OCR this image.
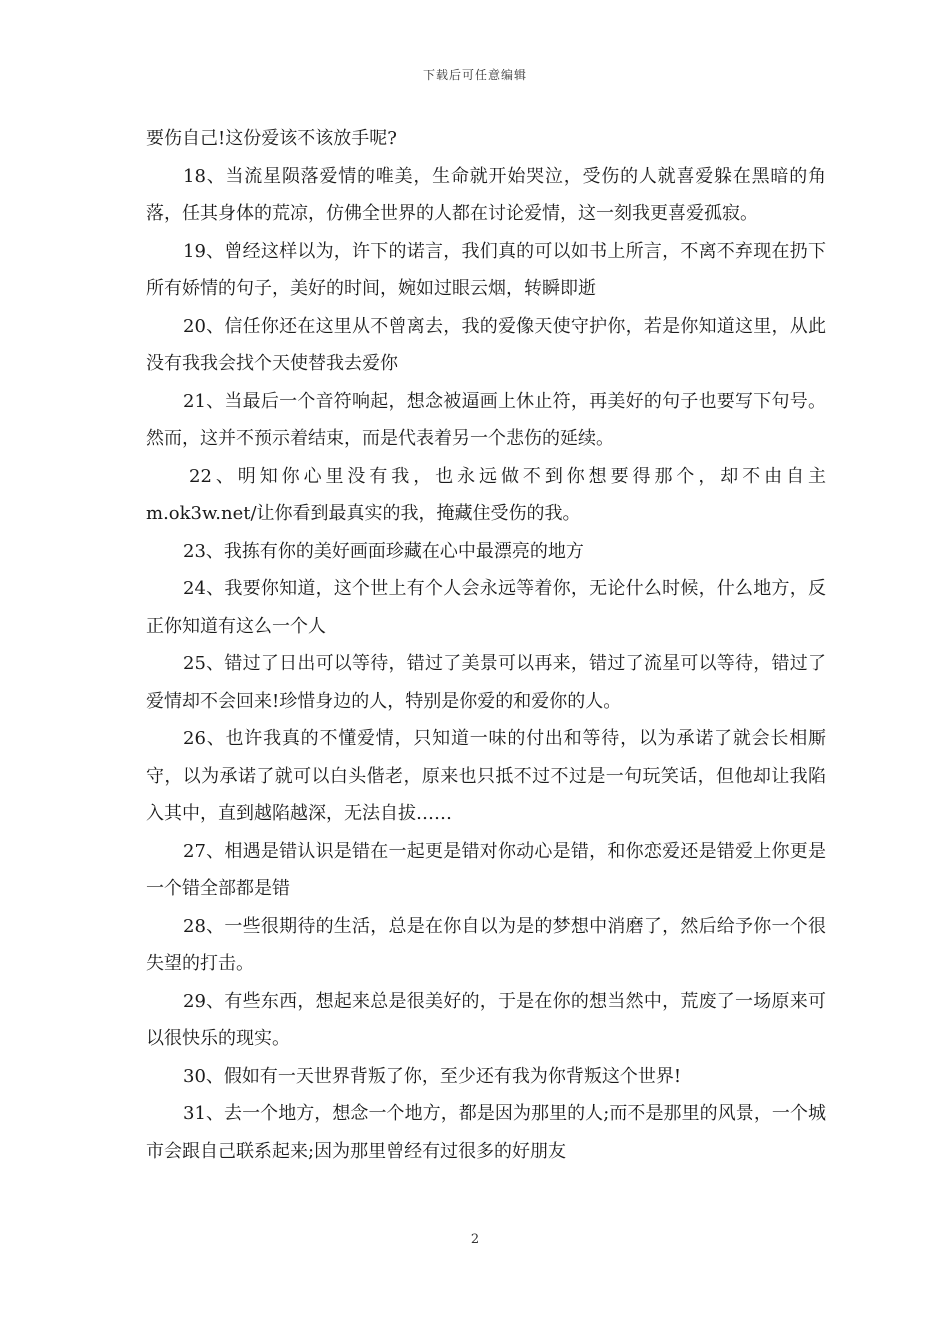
下载后可任意编辑

要伤自己!这份爱该不该放手呢?

18、当流星陨落爱情的唯美，生命就开始哭泣，受伤的人就喜爱躲在黑暗的角落，任其身体的荒凉，仿佛全世界的人都在讨论爱情，这一刻我更喜爱孤寂。

19、曾经这样以为，许下的诺言，我们真的可以如书上所言，不离不弃现在扔下所有娇情的句子，美好的时间，婉如过眼云烟，转瞬即逝

20、信任你还在这里从不曾离去，我的爱像天使守护你，若是你知道这里，从此没有我我会找个天使替我去爱你

21、当最后一个音符响起，想念被逼画上休止符，再美好的句子也要写下句号。然而，这并不预示着结束，而是代表着另一个悲伤的延续。

22、明知你心里没有我，也永远做不到你想要得那个，却不由自主m.ok3w.net/让你看到最真实的我，掩藏住受伤的我。

23、我拣有你的美好画面珍藏在心中最漂亮的地方

24、我要你知道，这个世上有个人会永远等着你，无论什么时候，什么地方，反正你知道有这么一个人

25、错过了日出可以等待，错过了美景可以再来，错过了流星可以等待，错过了爱情却不会回来!珍惜身边的人，特别是你爱的和爱你的人。

26、也许我真的不懂爱情，只知道一味的付出和等待，以为承诺了就会长相厮守，以为承诺了就可以白头偕老，原来也只抵不过不过是一句玩笑话，但他却让我陷入其中，直到越陷越深，无法自拔……

27、相遇是错认识是错在一起更是错对你动心是错，和你恋爱还是错爱上你更是一个错全部都是错

28、一些很期待的生活，总是在你自以为是的梦想中消磨了，然后给予你一个很失望的打击。

29、有些东西，想起来总是很美好的，于是在你的想当然中，荒废了一场原来可以很快乐的现实。

30、假如有一天世界背叛了你，至少还有我为你背叛这个世界!

31、去一个地方，想念一个地方，都是因为那里的人;而不是那里的风景，一个城市会跟自己联系起来;因为那里曾经有过很多的好朋友

2
